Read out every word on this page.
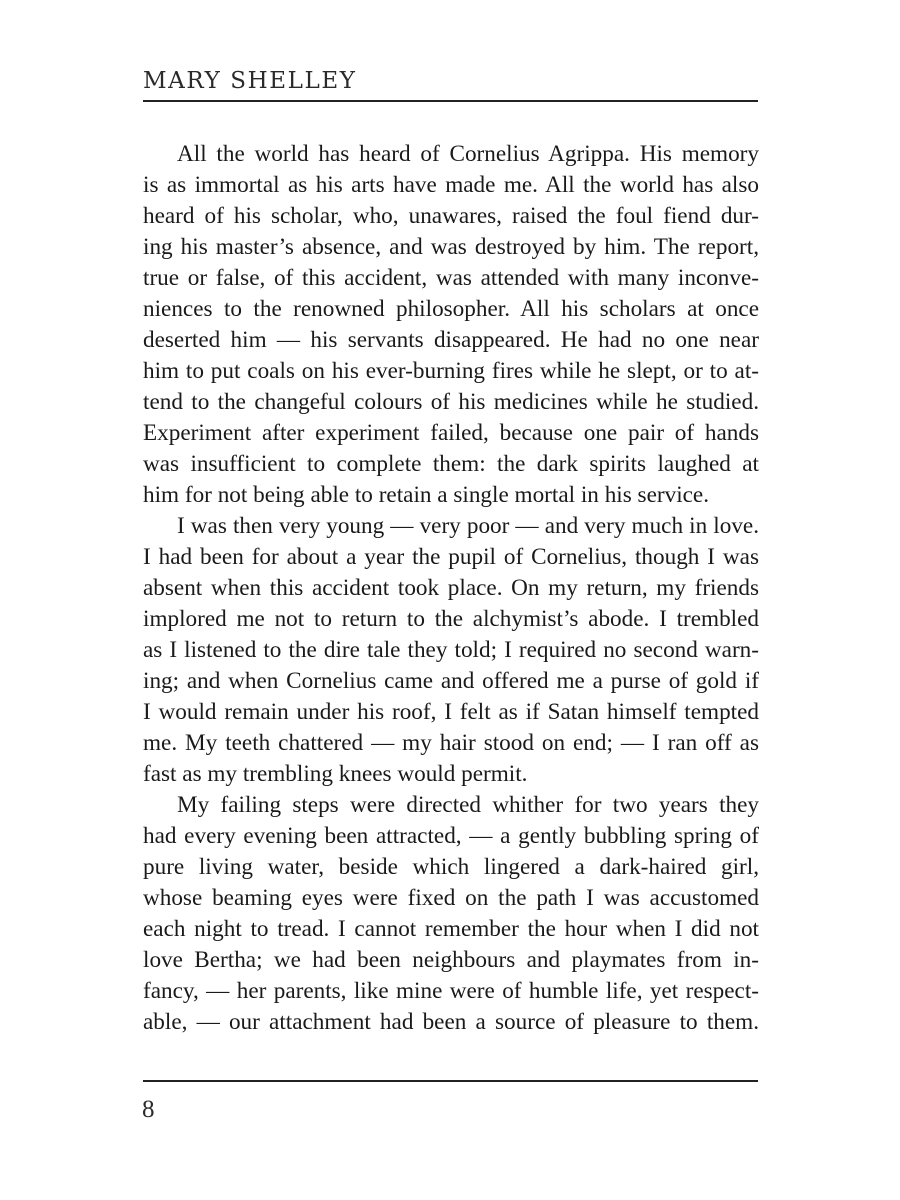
MARY SHELLEY
All the world has heard of Cornelius Agrippa. His memory
is as immortal as his arts have made me. All the world has also
heard of his scholar, who, unawares, raised the foul fiend dur-
ing his master’s absence, and was destroyed by him. The report,
true or false, of this accident, was attended with many inconve-
niences to the renowned philosopher. All his scholars at once
deserted him — his servants disappeared. He had no one near
him to put coals on his ever-burning fires while he slept, or to at-
tend to the changeful colours of his medicines while he studied.
Experiment after experiment failed, because one pair of hands
was insufficient to complete them: the dark spirits laughed at
him for not being able to retain a single mortal in his service.
I was then very young — very poor — and very much in love.
I had been for about a year the pupil of Cornelius, though I was
absent when this accident took place. On my return, my friends
implored me not to return to the alchymist’s abode. I trembled
as I listened to the dire tale they told; I required no second warn-
ing; and when Cornelius came and offered me a purse of gold if
I would remain under his roof, I felt as if Satan himself tempted
me. My teeth chattered — my hair stood on end; — I ran off as
fast as my trembling knees would permit.
My failing steps were directed whither for two years they
had every evening been attracted, — a gently bubbling spring of
pure living water, beside which lingered a dark-haired girl,
whose beaming eyes were fixed on the path I was accustomed
each night to tread. I cannot remember the hour when I did not
love Bertha; we had been neighbours and playmates from in-
fancy, — her parents, like mine were of humble life, yet respect-
able, — our attachment had been a source of pleasure to them.
8
